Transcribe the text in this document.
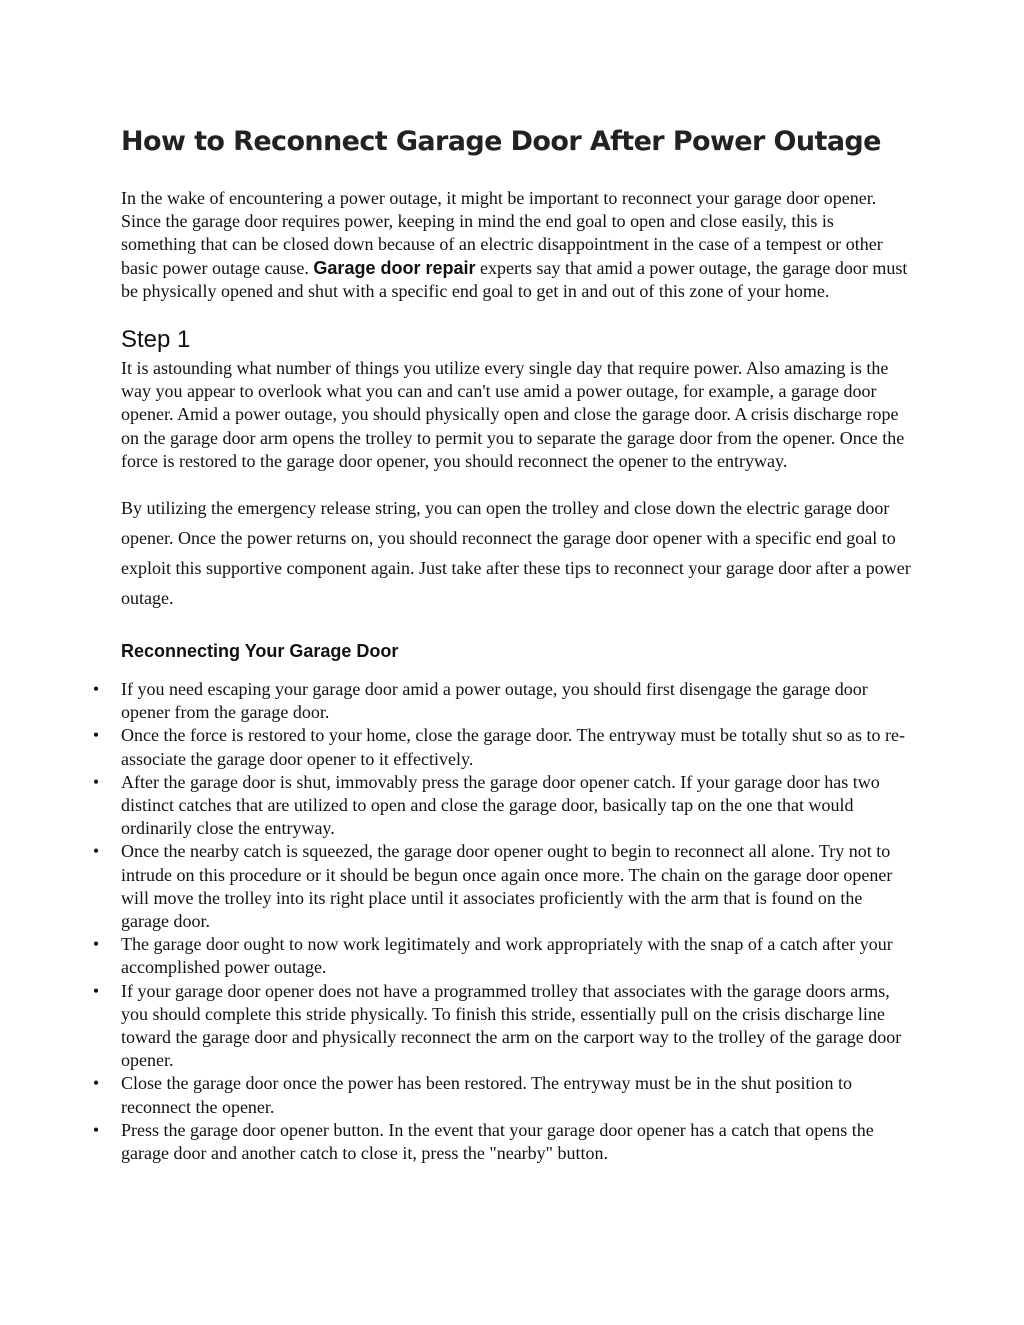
How to Reconnect Garage Door After Power Outage

In the wake of encountering a power outage, it might be important to reconnect your garage door opener. Since the garage door requires power, keeping in mind the end goal to open and close easily, this is something that can be closed down because of an electric disappointment in the case of a tempest or other basic power outage cause. Garage door repair experts say that amid a power outage, the garage door must be physically opened and shut with a specific end goal to get in and out of this zone of your home.

Step 1

It is astounding what number of things you utilize every single day that require power. Also amazing is the way you appear to overlook what you can and can't use amid a power outage, for example, a garage door opener. Amid a power outage, you should physically open and close the garage door. A crisis discharge rope on the garage door arm opens the trolley to permit you to separate the garage door from the opener. Once the force is restored to the garage door opener, you should reconnect the opener to the entryway.

By utilizing the emergency release string, you can open the trolley and close down the electric garage door opener. Once the power returns on, you should reconnect the garage door opener with a specific end goal to exploit this supportive component again. Just take after these tips to reconnect your garage door after a power outage.

Reconnecting Your Garage Door
• If you need escaping your garage door amid a power outage, you should first disengage the garage door opener from the garage door.
• Once the force is restored to your home, close the garage door. The entryway must be totally shut so as to re-associate the garage door opener to it effectively.
• After the garage door is shut, immovably press the garage door opener catch. If your garage door has two distinct catches that are utilized to open and close the garage door, basically tap on the one that would ordinarily close the entryway.
• Once the nearby catch is squeezed, the garage door opener ought to begin to reconnect all alone. Try not to intrude on this procedure or it should be begun once again once more. The chain on the garage door opener will move the trolley into its right place until it associates proficiently with the arm that is found on the garage door.
• The garage door ought to now work legitimately and work appropriately with the snap of a catch after your accomplished power outage.
• If your garage door opener does not have a programmed trolley that associates with the garage doors arms, you should complete this stride physically. To finish this stride, essentially pull on the crisis discharge line toward the garage door and physically reconnect the arm on the carport way to the trolley of the garage door opener.
• Close the garage door once the power has been restored. The entryway must be in the shut position to reconnect the opener.
• Press the garage door opener button. In the event that your garage door opener has a catch that opens the garage door and another catch to close it, press the "nearby" button.
